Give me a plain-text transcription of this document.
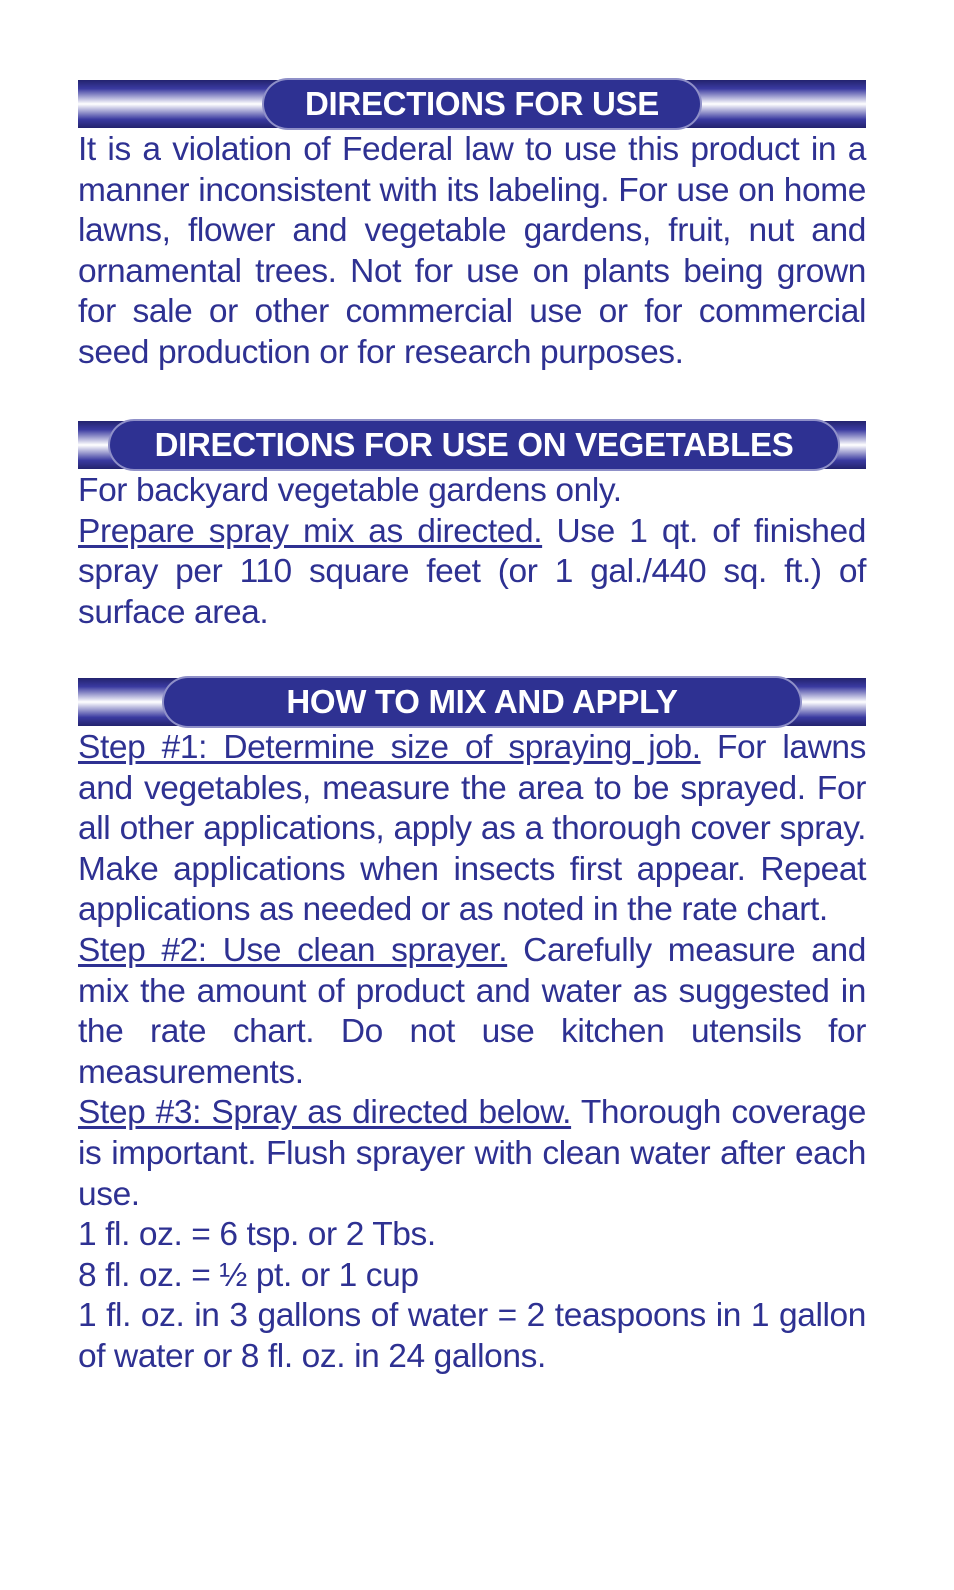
DIRECTIONS FOR USE

It is a violation of Federal law to use this product in a manner inconsistent with its labeling. For use on home lawns, flower and vegetable gardens, fruit, nut and ornamental trees. Not for use on plants being grown for sale or other commercial use or for commercial seed production or for research purposes.

DIRECTIONS FOR USE ON VEGETABLES

For backyard vegetable gardens only.

Prepare spray mix as directed. Use 1 qt. of finished spray per 110 square feet (or 1 gal./440 sq. ft.) of surface area.

HOW TO MIX AND APPLY

Step #1: Determine size of spraying job. For lawns and vegetables, measure the area to be sprayed. For all other applications, apply as a thorough cover spray. Make applications when insects first appear. Repeat applications as needed or as noted in the rate chart.

Step #2: Use clean sprayer. Carefully measure and mix the amount of product and water as suggested in the rate chart. Do not use kitchen utensils for measurements.

Step #3: Spray as directed below. Thorough coverage is important. Flush sprayer with clean water after each use.

1 fl. oz. = 6 tsp. or 2 Tbs.

8 fl. oz. = ½ pt. or 1 cup

1 fl. oz. in 3 gallons of water = 2 teaspoons in 1 gallon of water or 8 fl. oz. in 24 gallons.
